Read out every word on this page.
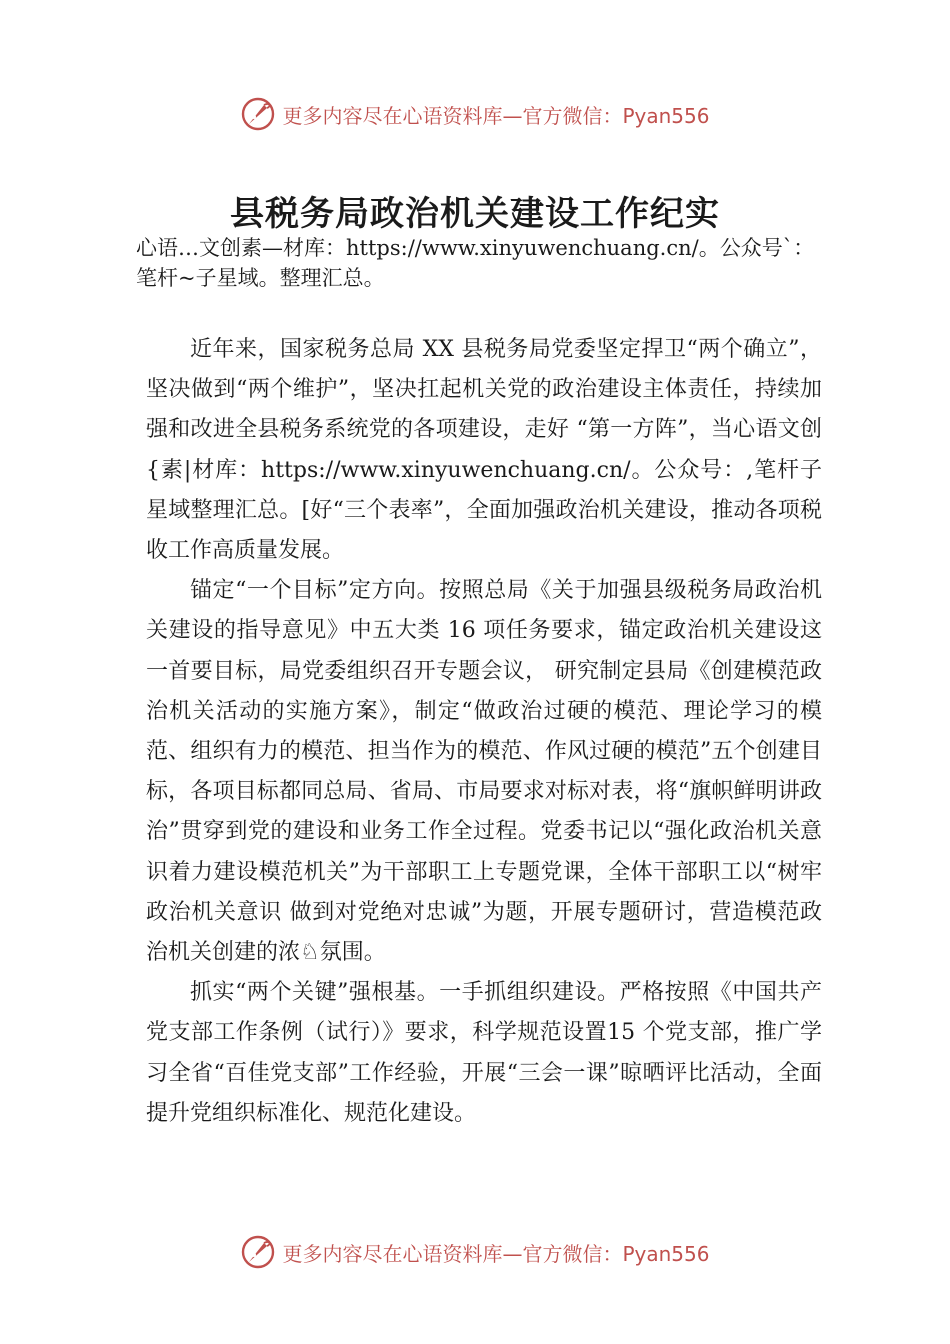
更多内容尽在心语资料库—官方微信：Pyan556
县税务局政治机关建设工作纪实

心语…文创素—材库：https://www.xinyuwenchuang.cn/。公众号`：笔杆~子星域。整理汇总。

近年来，国家税务总局 XX 县税务局党委坚定捍卫“两个确立”，坚决做到“两个维护”，坚决扛起机关党的政治建设主体责任，持续加强和改进全县税务系统党的各项建设，走好 “第一方阵”，当心语文创{素|材库：https://www.xinyuwenchuang.cn/。公众号：,笔杆子星域整理汇总。[好“三个表率”，全面加强政治机关建设，推动各项税收工作高质量发展。

锚定“一个目标”定方向。按照总局《关于加强县级税务局政治机关建设的指导意见》中五大类 16 项任务要求，锚定政治机关建设这一首要目标，局党委组织召开专题会议， 研究制定县局《创建模范政治机关活动的实施方案》，制定“做政治过硬的模范、理论学习的模范、组织有力的模范、担当作为的模范、作风过硬的模范”五个创建目标，各项目标都同总局、省局、市局要求对标对表，将“旗帜鲜明讲政治”贯穿到党的建设和业务工作全过程。党委书记以“强化政治机关意识着力建设模范机关”为干部职工上专题党课，全体干部职工以“树牢政治机关意识 做到对党绝对忠诚”为题，开展专题研讨，营造模范政治机关创建的浓♘氛围。

抓实“两个关键”强根基。一手抓组织建设。严格按照《中国共产党支部工作条例（试行）》要求，科学规范设置15 个党支部，推广学习全省“百佳党支部”工作经验，开展“三会一课”晾晒评比活动，全面提升党组织标准化、规范化建设。

更多内容尽在心语资料库—官方微信：Pyan556
